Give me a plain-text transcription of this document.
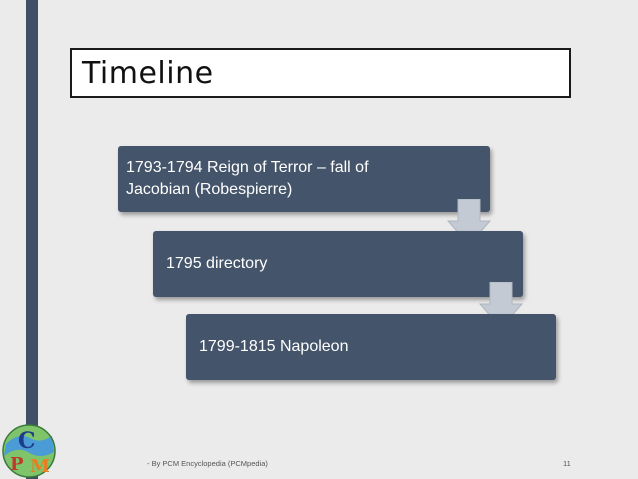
Timeline
1793-1794 Reign of Terror – fall of Jacobian (Robespierre)
1795 directory
1799-1815 Napoleon
C
P M	- By PCM Encyclopedia (PCMpedia)	11
